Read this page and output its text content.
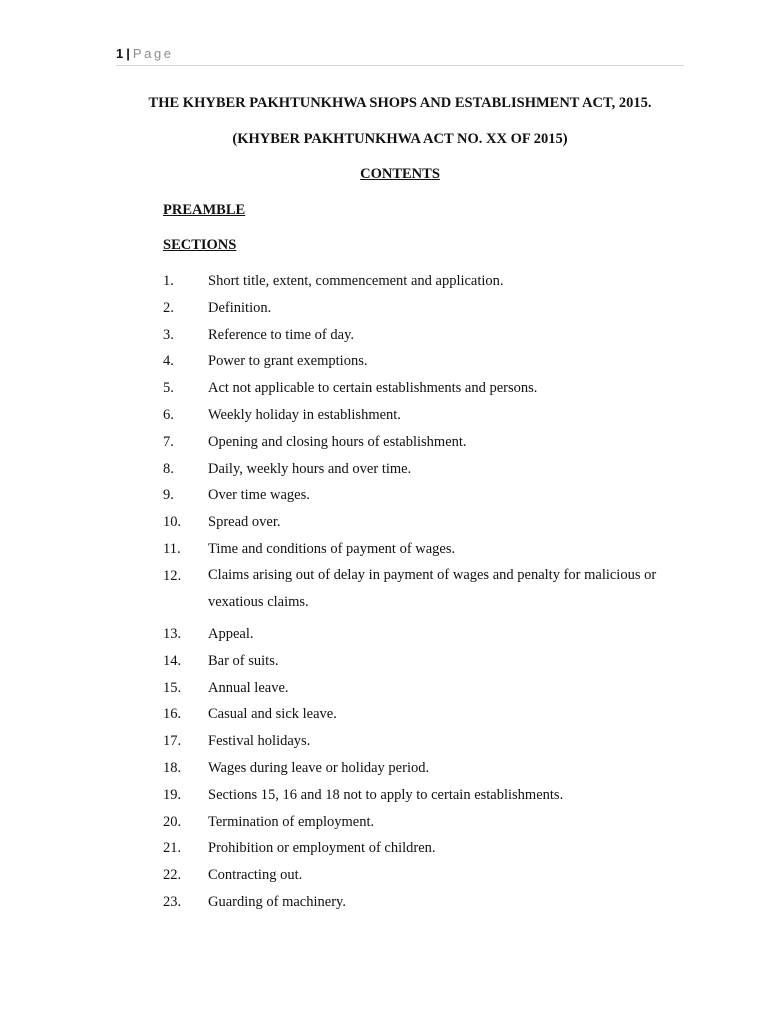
1 | Page
THE KHYBER PAKHTUNKHWA SHOPS AND ESTABLISHMENT ACT, 2015.
(KHYBER PAKHTUNKHWA ACT NO. XX OF 2015)
CONTENTS
PREAMBLE
SECTIONS
1.	Short title, extent, commencement and application.
2.	Definition.
3.	Reference to time of day.
4.	Power to grant exemptions.
5.	Act not applicable to certain establishments and persons.
6.	Weekly holiday in establishment.
7.	Opening and closing hours of establishment.
8.	Daily, weekly hours and over time.
9.	Over time wages.
10.	Spread over.
11.	Time and conditions of payment of wages.
12.	Claims arising out of delay in payment of wages and penalty for malicious or vexatious claims.
13.	Appeal.
14.	Bar of suits.
15.	Annual leave.
16.	Casual and sick leave.
17.	Festival holidays.
18.	Wages during leave or holiday period.
19.	Sections 15, 16 and 18 not to apply to certain establishments.
20.	Termination of employment.
21.	Prohibition or employment of children.
22.	Contracting out.
23.	Guarding of machinery.
